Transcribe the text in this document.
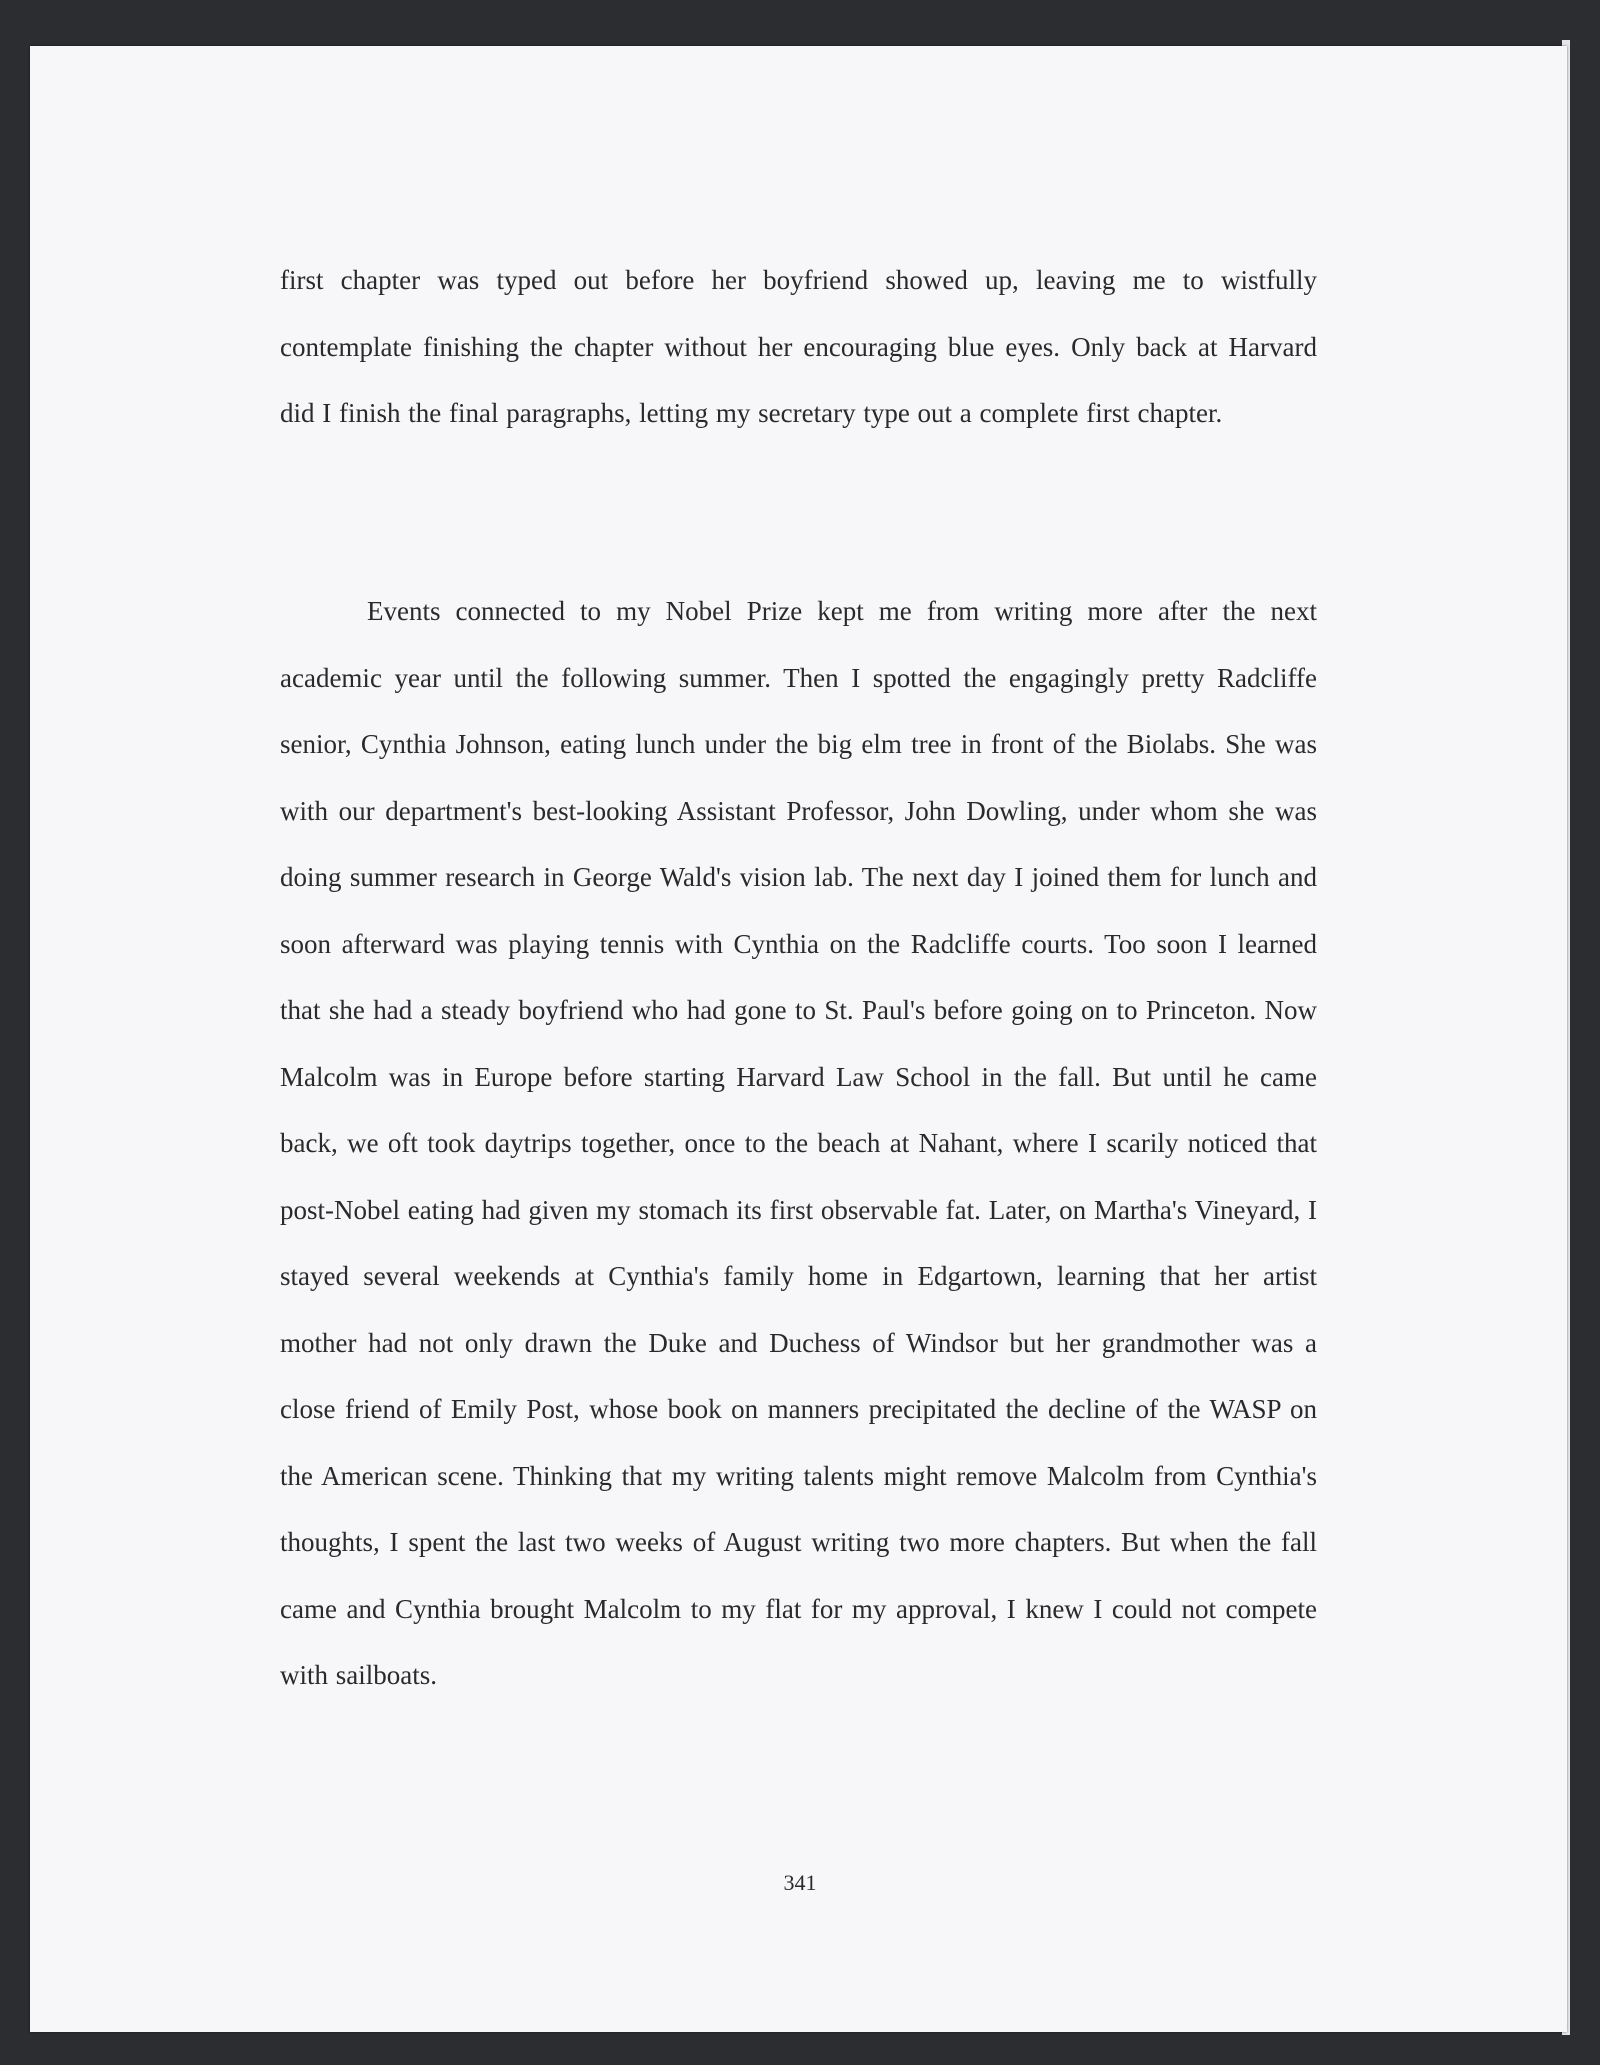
first chapter was typed out before her boyfriend showed up, leaving me to wistfully contemplate finishing the chapter without her encouraging blue eyes. Only back at Harvard did I finish the final paragraphs, letting my secretary type out a complete first chapter.
Events connected to my Nobel Prize kept me from writing more after the next academic year until the following summer. Then I spotted the engagingly pretty Radcliffe senior, Cynthia Johnson, eating lunch under the big elm tree in front of the Biolabs. She was with our department's best-looking Assistant Professor, John Dowling, under whom she was doing summer research in George Wald's vision lab. The next day I joined them for lunch and soon afterward was playing tennis with Cynthia on the Radcliffe courts. Too soon I learned that she had a steady boyfriend who had gone to St. Paul's before going on to Princeton. Now Malcolm was in Europe before starting Harvard Law School in the fall. But until he came back, we oft took daytrips together, once to the beach at Nahant, where I scarily noticed that post-Nobel eating had given my stomach its first observable fat. Later, on Martha's Vineyard, I stayed several weekends at Cynthia's family home in Edgartown, learning that her artist mother had not only drawn the Duke and Duchess of Windsor but her grandmother was a close friend of Emily Post, whose book on manners precipitated the decline of the WASP on the American scene. Thinking that my writing talents might remove Malcolm from Cynthia's thoughts, I spent the last two weeks of August writing two more chapters. But when the fall came and Cynthia brought Malcolm to my flat for my approval, I knew I could not compete with sailboats.
341
